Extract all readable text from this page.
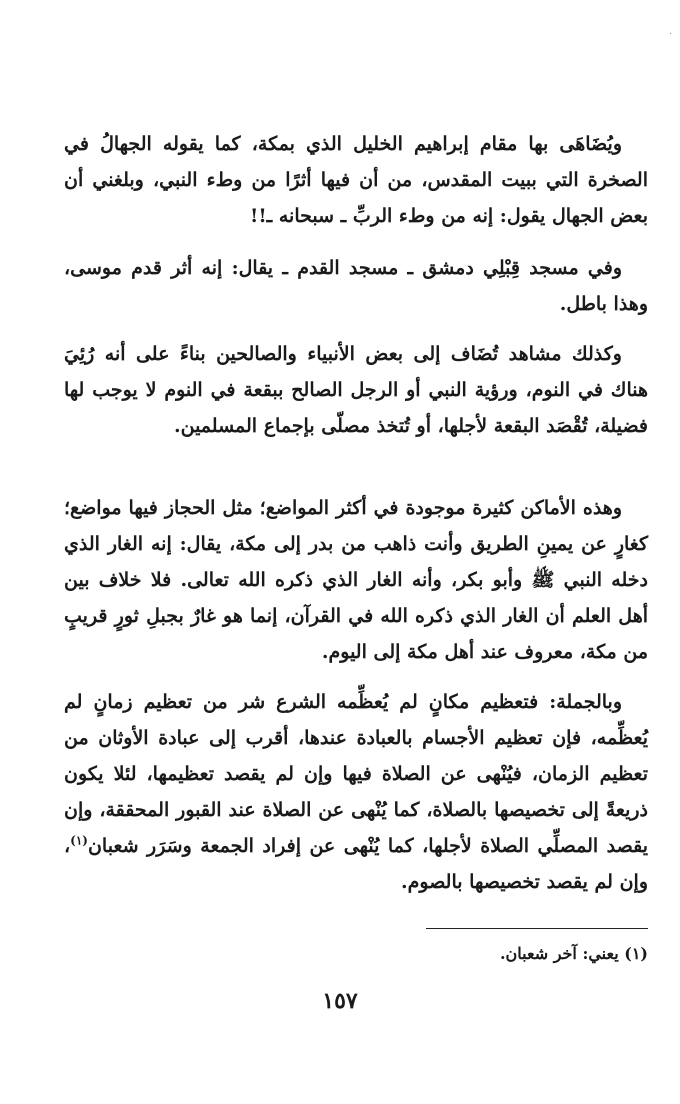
·

ويُضَاهَى بها مقام إبراهيم الخليل الذي بمكة، كما يقوله الجهالُ في الصخرة التي ببيت المقدس، من أن فيها أثرًا من وطء النبي، وبلغني أن بعض الجهال يقول: إنه من وطء الربِّ ـ سبحانه ـ!!

وفي مسجد قِبْلِي دمشق ـ مسجد القدم ـ يقال: إنه أثر قدم موسى، وهذا باطل.

وكذلك مشاهد تُضَاف إلى بعض الأنبياء والصالحين بناءً على أنه رُئِيَ هناك في النوم، ورؤية النبي أو الرجل الصالح ببقعة في النوم لا يوجب لها فضيلة، تُقْصَد البقعة لأجلها، أو تُتخذ مصلّى بإجماع المسلمين.

وهذه الأماكن كثيرة موجودة في أكثر المواضع؛ مثل الحجاز فيها مواضع؛ كغارٍ عن يمينِ الطريق وأنت ذاهب من بدر إلى مكة، يقال: إنه الغار الذي دخله النبي ﷺ وأبو بكر، وأنه الغار الذي ذكره الله تعالى. فلا خلاف بين أهل العلم أن الغار الذي ذكره الله في القرآن، إنما هو غارٌ بجبلِ ثورٍ قريبٍ من مكة، معروف عند أهل مكة إلى اليوم.

وبالجملة: فتعظيم مكانٍ لم يُعظِّمه الشرع شر من تعظيم زمانٍ لم يُعظِّمه، فإن تعظيم الأجسام بالعبادة عندها، أقرب إلى عبادة الأوثان من تعظيم الزمان، فيُنْهى عن الصلاة فيها وإن لم يقصد تعظيمها، لئلا يكون ذريعةً إلى تخصيصها بالصلاة، كما يُنْهى عن الصلاة عند القبور المحققة، وإن يقصد المصلِّي الصلاة لأجلها، كما يُنْهى عن إفراد الجمعة وسَرَر شعبان$^{(١)}$، وإن لم يقصد تخصيصها بالصوم.

(١) يعني: آخر شعبان.
١٥٧
